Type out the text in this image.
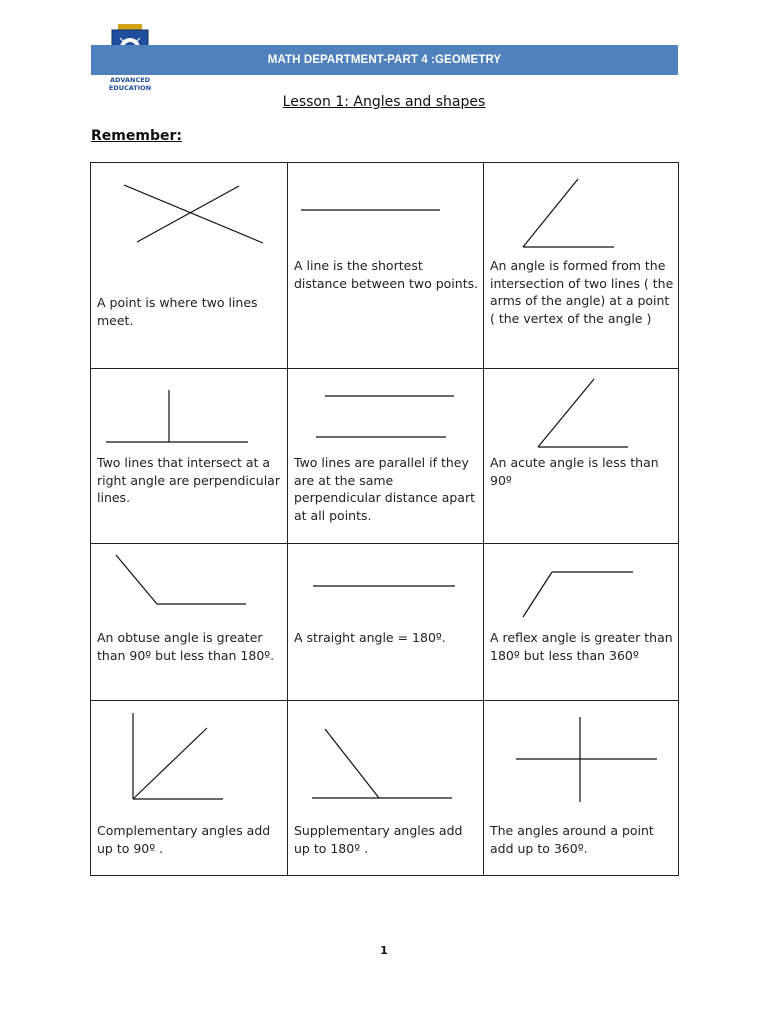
ADVANCED
EDUCATION
MATH DEPARTMENT-PART 4 :GEOMETRY
Lesson 1: Angles and shapes
Remember:
A point is where two lines meet.	A line is the shortest distance between two points.	An angle is formed from the intersection of two lines ( the arms of the angle) at a point ( the vertex of the angle )

Two lines that intersect at a right angle are perpendicular lines.	Two lines are parallel if they are at the same perpendicular distance apart at all points.	An acute angle is less than 90º

An obtuse angle is greater than 90º but less than 180º.	A straight angle = 180º.	A reflex angle is greater than 180º but less than 360º

Complementary angles add up to 90º .	Supplementary angles add up to 180º .	The angles around a point add up to 360º.
1
